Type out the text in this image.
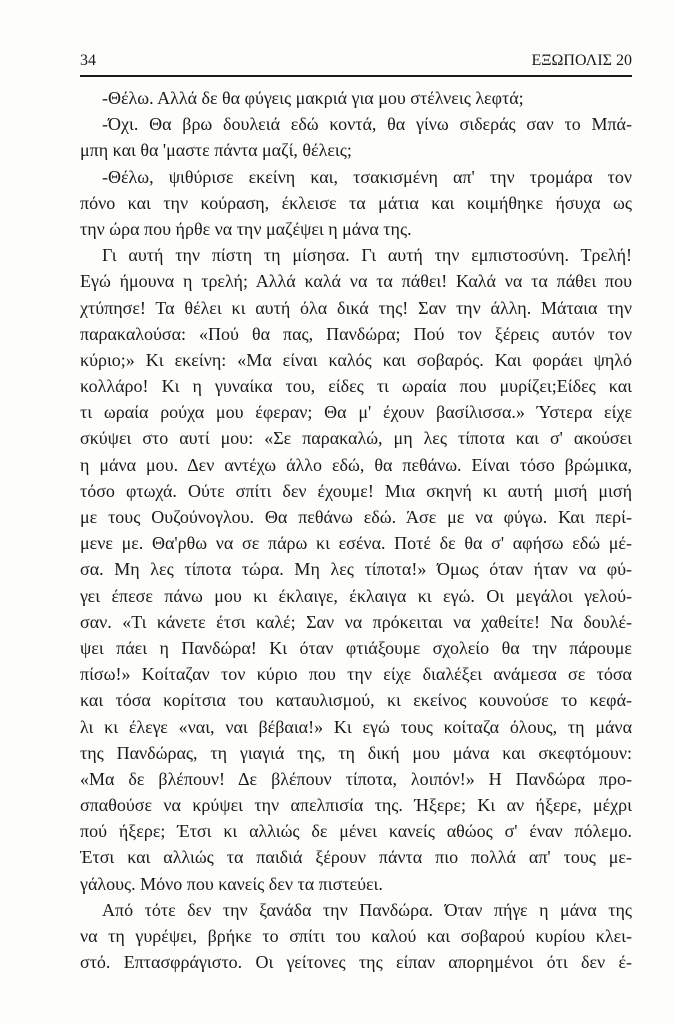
34	ΕΞΩΠΟΛΙΣ 20
-Θέλω. Αλλά δε θα φύγεις μακριά για μου στέλνεις λεφτά;
-Όχι. Θα βρω δουλειά εδώ κοντά, θα γίνω σιδεράς σαν το Μπά-
μπη και θα 'μαστε πάντα μαζί, θέλεις;
-Θέλω, ψιθύρισε εκείνη και, τσακισμένη απ' την τρομάρα τον
πόνο και την κούραση, έκλεισε τα μάτια και κοιμήθηκε ήσυχα ως
την ώρα που ήρθε να την μαζέψει η μάνα της.
Γι αυτή την πίστη τη μίσησα. Γι αυτή την εμπιστοσύνη. Τρελή!
Εγώ ήμουνα η τρελή; Αλλά καλά να τα πάθει! Καλά να τα πάθει που
χτύπησε! Τα θέλει κι αυτή όλα δικά της! Σαν την άλλη. Μάταια την
παρακαλούσα: «Πού θα πας, Πανδώρα; Πού τον ξέρεις αυτόν τον
κύριο;» Κι εκείνη: «Μα είναι καλός και σοβαρός. Και φοράει ψηλό
κολλάρο! Κι η γυναίκα του, είδες τι ωραία που μυρίζει;Είδες και
τι ωραία ρούχα μου έφεραν; Θα μ' έχουν βασίλισσα.» Ύστερα είχε
σκύψει στο αυτί μου: «Σε παρακαλώ, μη λες τίποτα και σ' ακούσει
η μάνα μου. Δεν αντέχω άλλο εδώ, θα πεθάνω. Είναι τόσο βρώμικα,
τόσο φτωχά. Ούτε σπίτι δεν έχουμε! Μια σκηνή κι αυτή μισή μισή
με τους Ουζούνογλου. Θα πεθάνω εδώ. Άσε με να φύγω. Και περί-
μενε με. Θα'ρθω να σε πάρω κι εσένα. Ποτέ δε θα σ' αφήσω εδώ μέ-
σα. Μη λες τίποτα τώρα. Μη λες τίποτα!» Όμως όταν ήταν να φύ-
γει έπεσε πάνω μου κι έκλαιγε, έκλαιγα κι εγώ. Οι μεγάλοι γελού-
σαν. «Τι κάνετε έτσι καλέ; Σαν να πρόκειται να χαθείτε! Να δουλέ-
ψει πάει η Πανδώρα! Κι όταν φτιάξουμε σχολείο θα την πάρουμε
πίσω!» Κοίταζαν τον κύριο που την είχε διαλέξει ανάμεσα σε τόσα
και τόσα κορίτσια του καταυλισμού, κι εκείνος κουνούσε το κεφά-
λι κι έλεγε «ναι, ναι βέβαια!» Κι εγώ τους κοίταζα όλους, τη μάνα
της Πανδώρας, τη γιαγιά της, τη δική μου μάνα και σκεφτόμουν:
«Μα δε βλέπουν! Δε βλέπουν τίποτα, λοιπόν!» Η Πανδώρα προ-
σπαθούσε να κρύψει την απελπισία της. Ήξερε; Κι αν ήξερε, μέχρι
πού ήξερε; Έτσι κι αλλιώς δε μένει κανείς αθώος σ' έναν πόλεμο.
Έτσι και αλλιώς τα παιδιά ξέρουν πάντα πιο πολλά απ' τους με-
γάλους. Μόνο που κανείς δεν τα πιστεύει.
Από τότε δεν την ξανάδα την Πανδώρα. Όταν πήγε η μάνα της
να τη γυρέψει, βρήκε το σπίτι του καλού και σοβαρού κυρίου κλει-
στό. Επτασφράγιστο. Οι γείτονες της είπαν απορημένοι ότι δεν έ-
